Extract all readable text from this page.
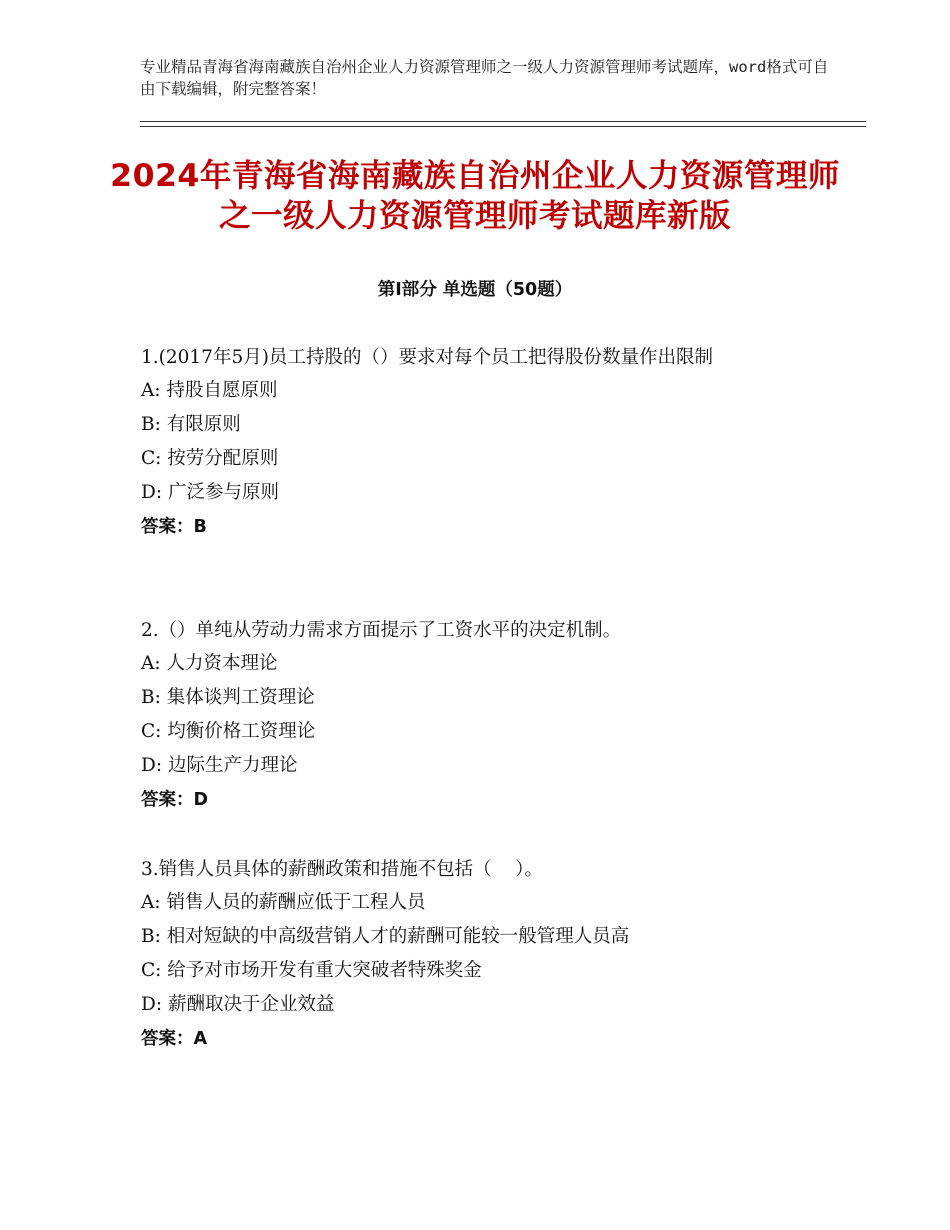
专业精品青海省海南藏族自治州企业人力资源管理师之一级人力资源管理师考试题库，word格式可自由下载编辑，附完整答案！
2024年青海省海南藏族自治州企业人力资源管理师之一级人力资源管理师考试题库新版
第Ⅰ部分 单选题（50题）
1.(2017年5月)员工持股的（）要求对每个员工把得股份数量作出限制
A: 持股自愿原则
B: 有限原则
C: 按劳分配原则
D: 广泛参与原则
答案：B
2.（）单纯从劳动力需求方面提示了工资水平的决定机制。
A: 人力资本理论
B: 集体谈判工资理论
C: 均衡价格工资理论
D: 边际生产力理论
答案：D
3.销售人员具体的薪酬政策和措施不包括（    ）。
A: 销售人员的薪酬应低于工程人员
B: 相对短缺的中高级营销人才的薪酬可能较一般管理人员高
C: 给予对市场开发有重大突破者特殊奖金
D: 薪酬取决于企业效益
答案：A
